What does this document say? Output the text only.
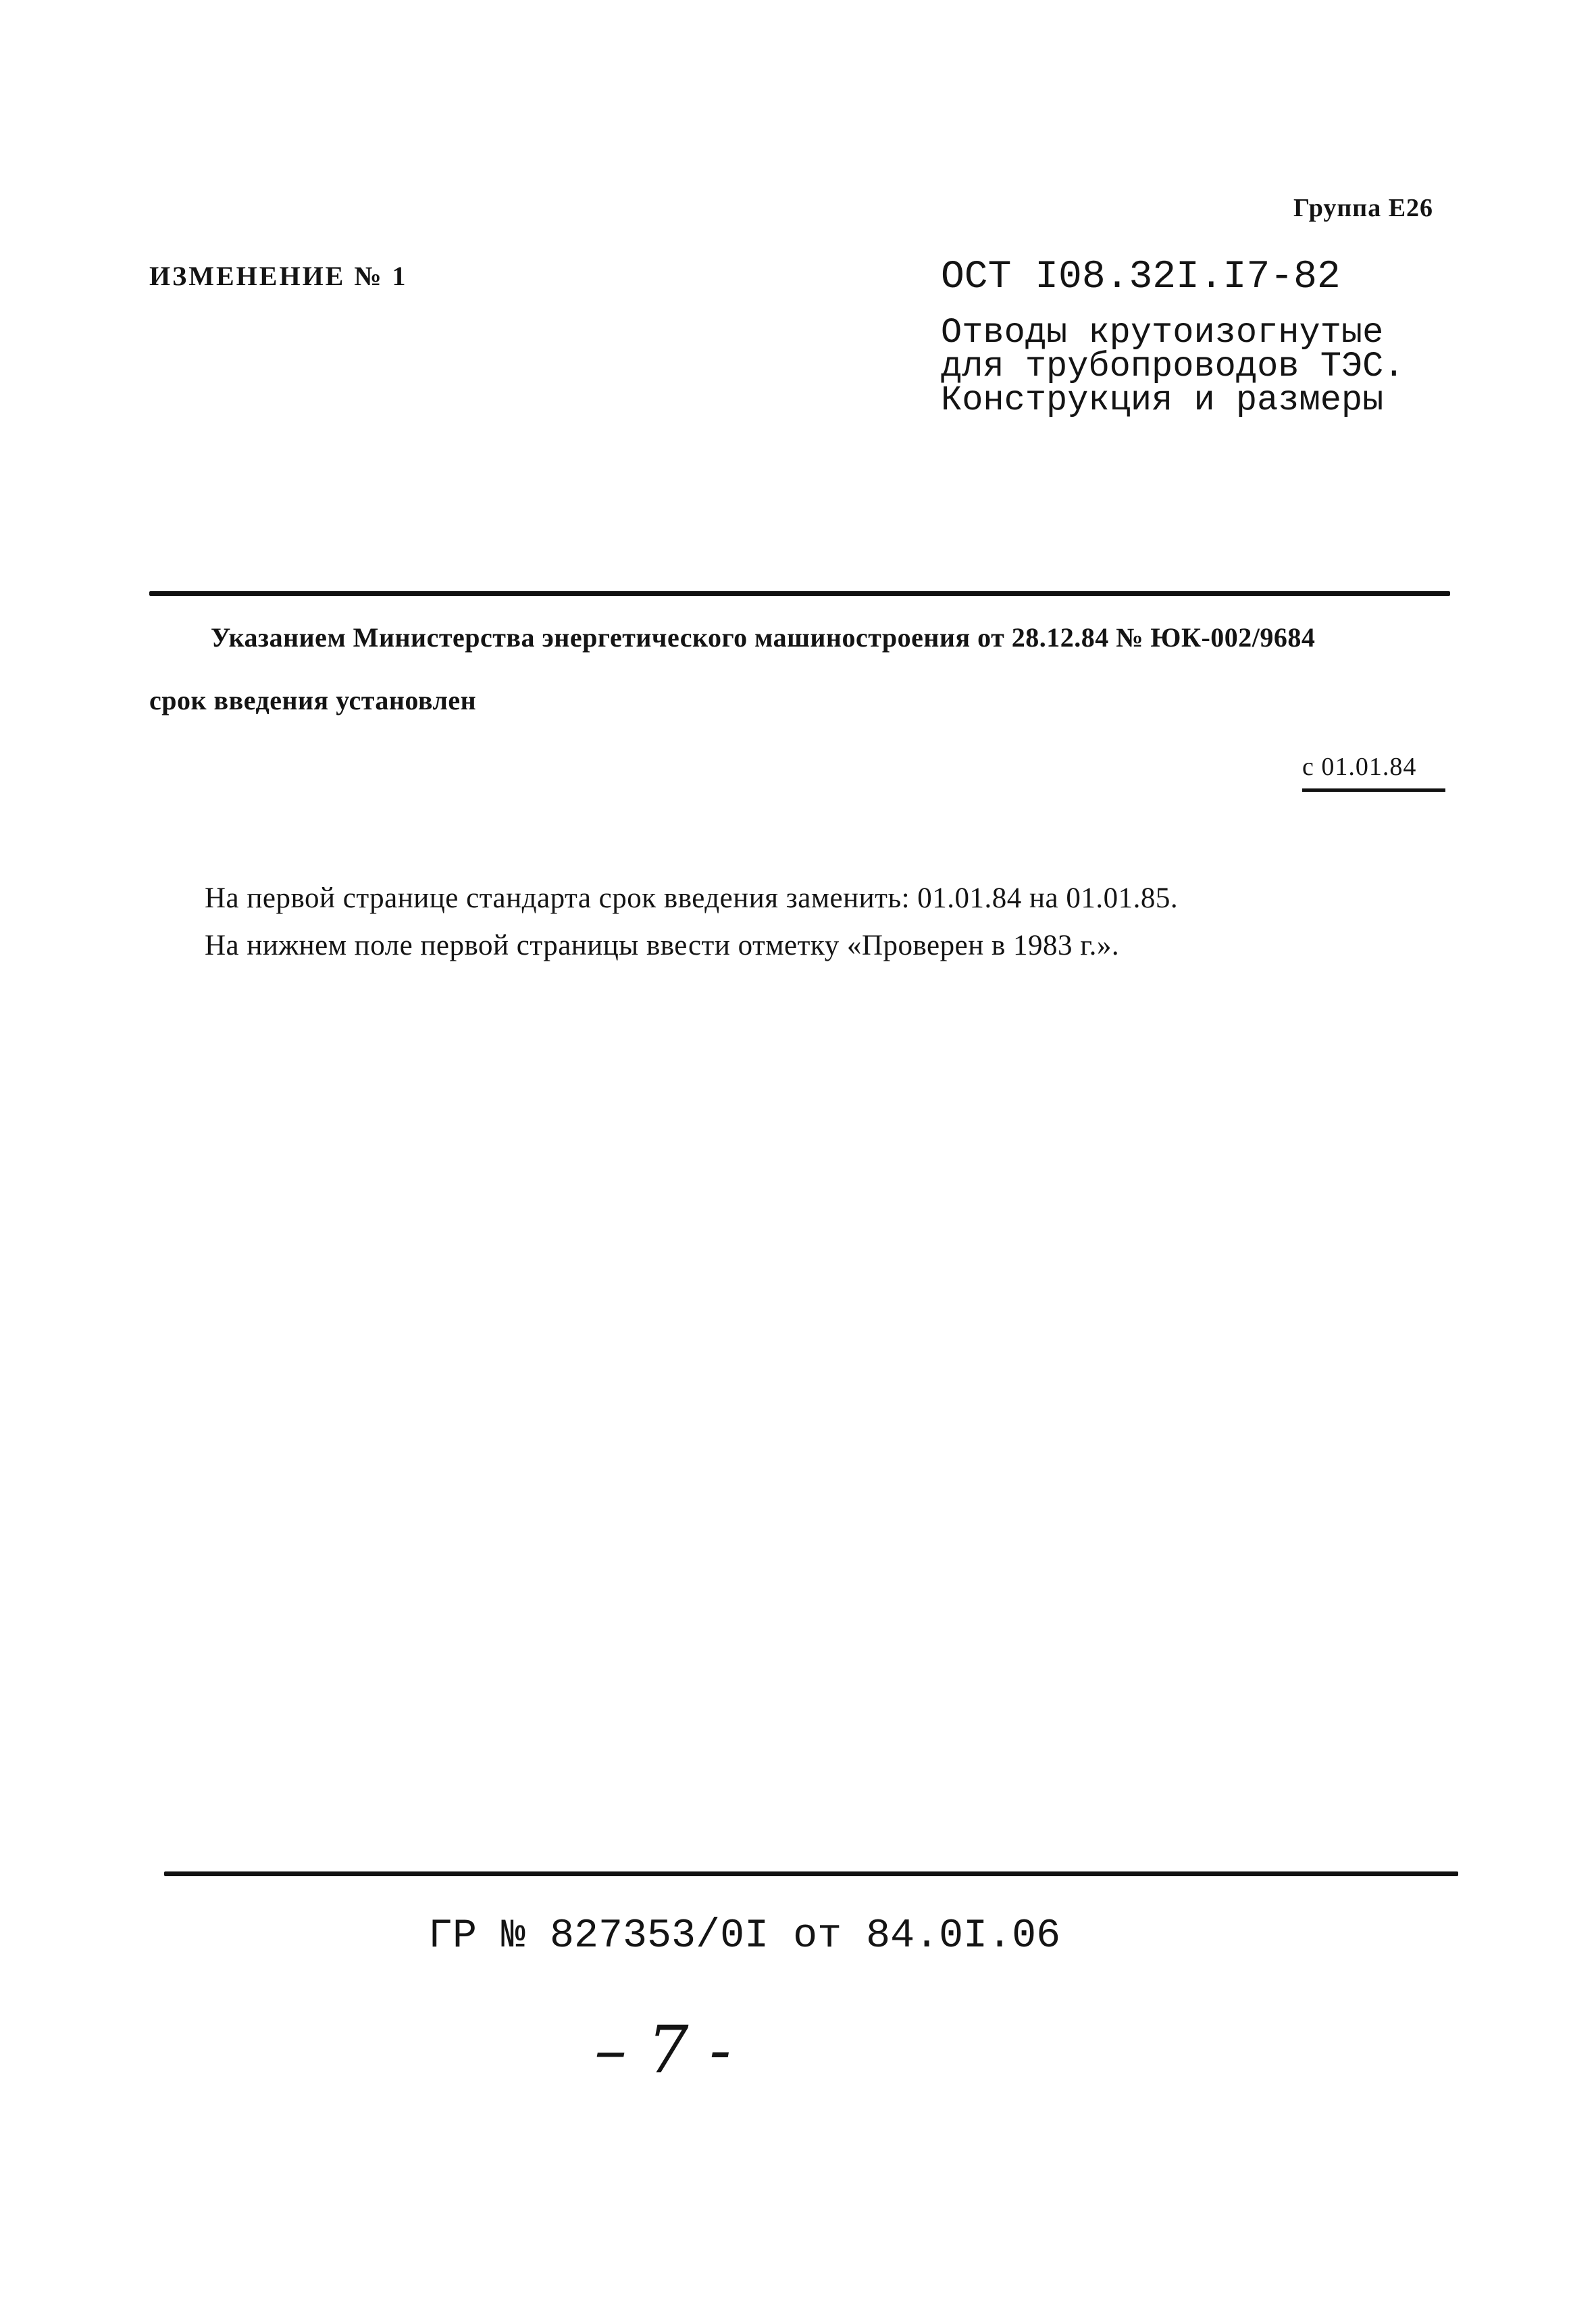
Группа Е26
ИЗМЕНЕНИЕ № 1	ОСТ I08.32I.I7-82
Отводы крутоизогнутые
для трубопроводов ТЭС.
Конструкция и размеры
Указанием Министерства энергетического машиностроения от 28.12.84 № ЮК-002/9684
срок введения установлен
с 01.01.84
На первой странице стандарта срок введения заменить: 01.01.84 на 01.01.85.
На нижнем поле первой страницы ввести отметку «Проверен в 1983 г.».
ГР № 827353/0I от 84.0I.06
– 7 -
